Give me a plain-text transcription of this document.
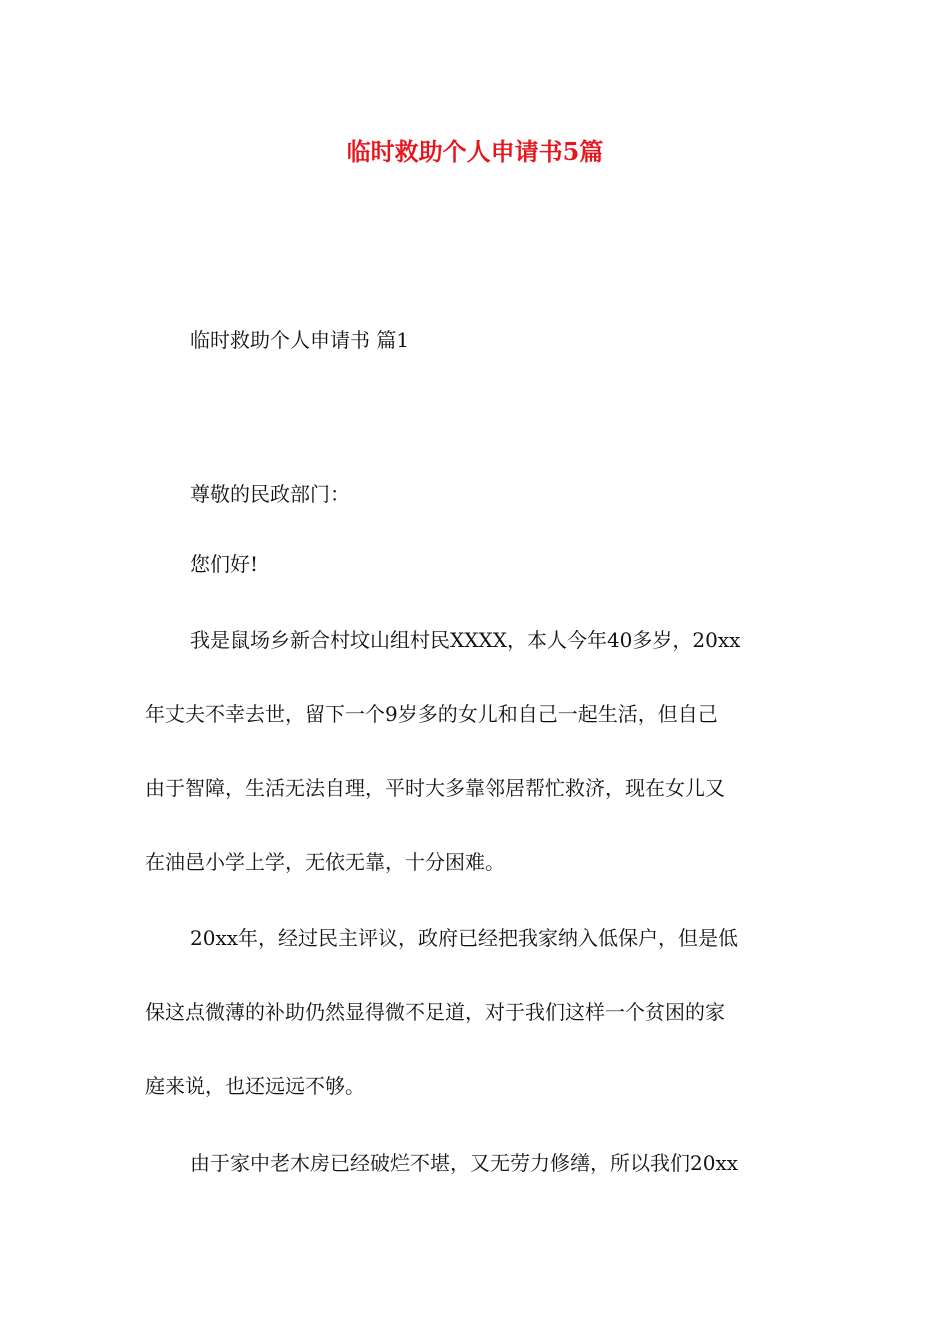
临时救助个人申请书5篇
临时救助个人申请书 篇1
尊敬的民政部门：
您们好!
我是鼠场乡新合村坟山组村民XXXX，本人今年40多岁，20xx
年丈夫不幸去世，留下一个9岁多的女儿和自己一起生活，但自己
由于智障，生活无法自理，平时大多靠邻居帮忙救济，现在女儿又
在油邑小学上学，无依无靠，十分困难。
20xx年，经过民主评议，政府已经把我家纳入低保户，但是低
保这点微薄的补助仍然显得微不足道，对于我们这样一个贫困的家
庭来说，也还远远不够。
由于家中老木房已经破烂不堪，又无劳力修缮，所以我们20xx
